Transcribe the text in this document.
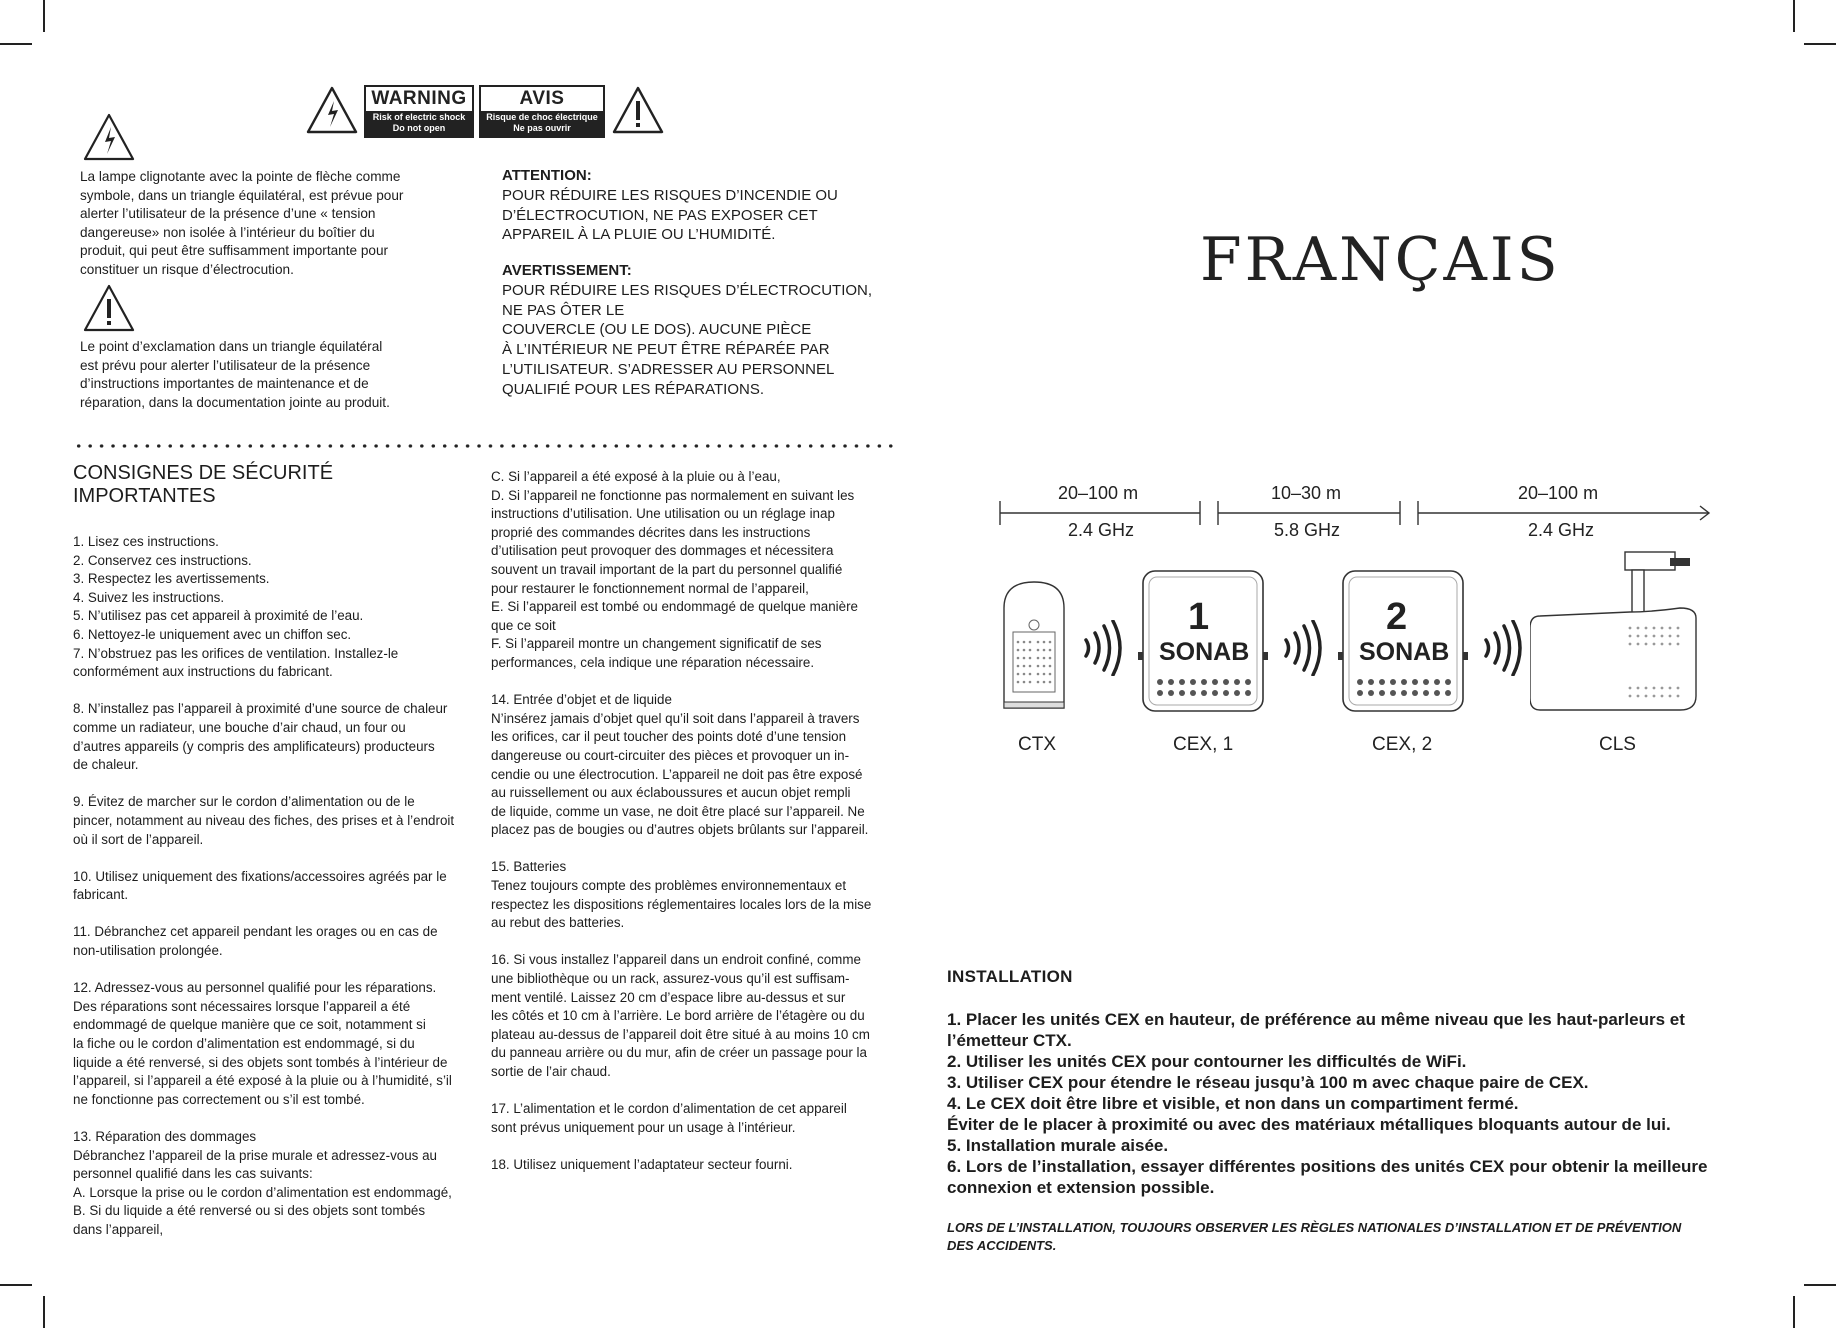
WARNING
Risk of electric shock
Do not open
AVIS
Risque de choc électrique
Ne pas ouvrir
La lampe clignotante avec la pointe de flèche comme
symbole, dans un triangle équilatéral, est prévue pour
alerter l’utilisateur de la présence d’une « tension
dangereuse» non isolée à l’intérieur du boîtier du
produit, qui peut être suffisamment importante pour
constituer un risque d’électrocution.
Le point d’exclamation dans un triangle équilatéral
est prévu pour alerter l’utilisateur de la présence
d’instructions importantes de maintenance et de
réparation, dans la documentation jointe au produit.
ATTENTION:
POUR RÉDUIRE LES RISQUES D’INCENDIE OU
D’ÉLECTROCUTION, NE PAS EXPOSER CET
APPAREIL À LA PLUIE OU L’HUMIDITÉ.
AVERTISSEMENT:
POUR RÉDUIRE LES RISQUES D’ÉLECTROCUTION,
NE PAS ÔTER LE
COUVERCLE (OU LE DOS). AUCUNE PIÈCE
À L’INTÉRIEUR NE PEUT ÊTRE RÉPARÉE PAR
L’UTILISATEUR. S’ADRESSER AU PERSONNEL
QUALIFIÉ POUR LES RÉPARATIONS.
FRANÇAIS
CONSIGNES DE SÉCURITÉ
IMPORTANTES
1. Lisez ces instructions.
2. Conservez ces instructions.
3. Respectez les avertissements.
4. Suivez les instructions.
5. N’utilisez pas cet appareil à proximité de l’eau.
6. Nettoyez-le uniquement avec un chiffon sec.
7. N’obstruez pas les orifices de ventilation. Installez-le
conformément aux instructions du fabricant.

8. N’installez pas l’appareil à proximité d’une source de chaleur
comme un radiateur, une bouche d’air chaud, un four ou
d’autres appareils (y compris des amplificateurs) producteurs
de chaleur.

9. Évitez de marcher sur le cordon d’alimentation ou de le
pincer, notamment au niveau des fiches, des prises et à l’endroit
où il sort de l’appareil.

10. Utilisez uniquement des fixations/accessoires agréés par le
fabricant.

11. Débranchez cet appareil pendant les orages ou en cas de
non-utilisation prolongée.

12. Adressez-vous au personnel qualifié pour les réparations.
Des réparations sont nécessaires lorsque l’appareil a été
endommagé de quelque manière que ce soit, notamment si
la fiche ou le cordon d’alimentation est endommagé, si du
liquide a été renversé, si des objets sont tombés à l’intérieur de
l’appareil, si l’appareil a été exposé à la pluie ou à l’humidité, s’il
ne fonctionne pas correctement ou s’il est tombé.

13. Réparation des dommages
Débranchez l’appareil de la prise murale et adressez-vous au
personnel qualifié dans les cas suivants:
A. Lorsque la prise ou le cordon d’alimentation est endommagé,
B. Si du liquide a été renversé ou si des objets sont tombés
dans l’appareil,
C. Si l’appareil a été exposé à la pluie ou à l’eau,
D. Si l’appareil ne fonctionne pas normalement en suivant les
instructions d’utilisation. Une utilisation ou un réglage inap
proprié des commandes décrites dans les instructions
d’utilisation peut provoquer des dommages et nécessitera
souvent un travail important de la part du personnel qualifié
pour restaurer le fonctionnement normal de l’appareil,
E. Si l’appareil est tombé ou endommagé de quelque manière
que ce soit
F. Si l’appareil montre un changement significatif de ses
performances, cela indique une réparation nécessaire.

14. Entrée d’objet et de liquide
N’insérez jamais d’objet quel qu’il soit dans l’appareil à travers
les orifices, car il peut toucher des points doté d’une tension
dangereuse ou court-circuiter des pièces et provoquer un in-
cendie ou une électrocution. L’appareil ne doit pas être exposé
au ruissellement ou aux éclaboussures et aucun objet rempli
de liquide, comme un vase, ne doit être placé sur l’appareil. Ne
placez pas de bougies ou d’autres objets brûlants sur l’appareil.

15. Batteries
Tenez toujours compte des problèmes environnementaux et
respectez les dispositions réglementaires locales lors de la mise
au rebut des batteries.

16. Si vous installez l’appareil dans un endroit confiné, comme
une bibliothèque ou un rack, assurez-vous qu’il est suffisam-
ment ventilé. Laissez 20 cm d’espace libre au-dessus et sur
les côtés et 10 cm à l’arrière. Le bord arrière de l’étagère ou du
plateau au-dessus de l’appareil doit être situé à au moins 10 cm
du panneau arrière ou du mur, afin de créer un passage pour la
sortie de l’air chaud.

17. L’alimentation et le cordon d’alimentation de cet appareil
sont prévus uniquement pour un usage à l’intérieur.

18. Utilisez uniquement l’adaptateur secteur fourni.
20–100 m
2.4 GHz
10–30 m
5.8 GHz
20–100 m
2.4 GHz
1
SONAB
2
SONAB
CTX	CEX, 1	CEX, 2	CLS
INSTALLATION
1. Placer les unités CEX en hauteur, de préférence au même niveau que les haut-parleurs et
l’émetteur CTX.
2. Utiliser les unités CEX pour contourner les difficultés de WiFi.
3. Utiliser CEX pour étendre le réseau jusqu’à 100 m avec chaque paire de CEX.
4. Le CEX doit être libre et visible, et non dans un compartiment fermé.
Éviter de le placer à proximité ou avec des matériaux métalliques bloquants autour de lui.
5. Installation murale aisée.
6. Lors de l’installation, essayer différentes positions des unités CEX pour obtenir la meilleure
connexion et extension possible.
LORS DE L’INSTALLATION, TOUJOURS OBSERVER LES RÈGLES NATIONALES D’INSTALLATION ET DE PRÉVENTION
DES ACCIDENTS.
